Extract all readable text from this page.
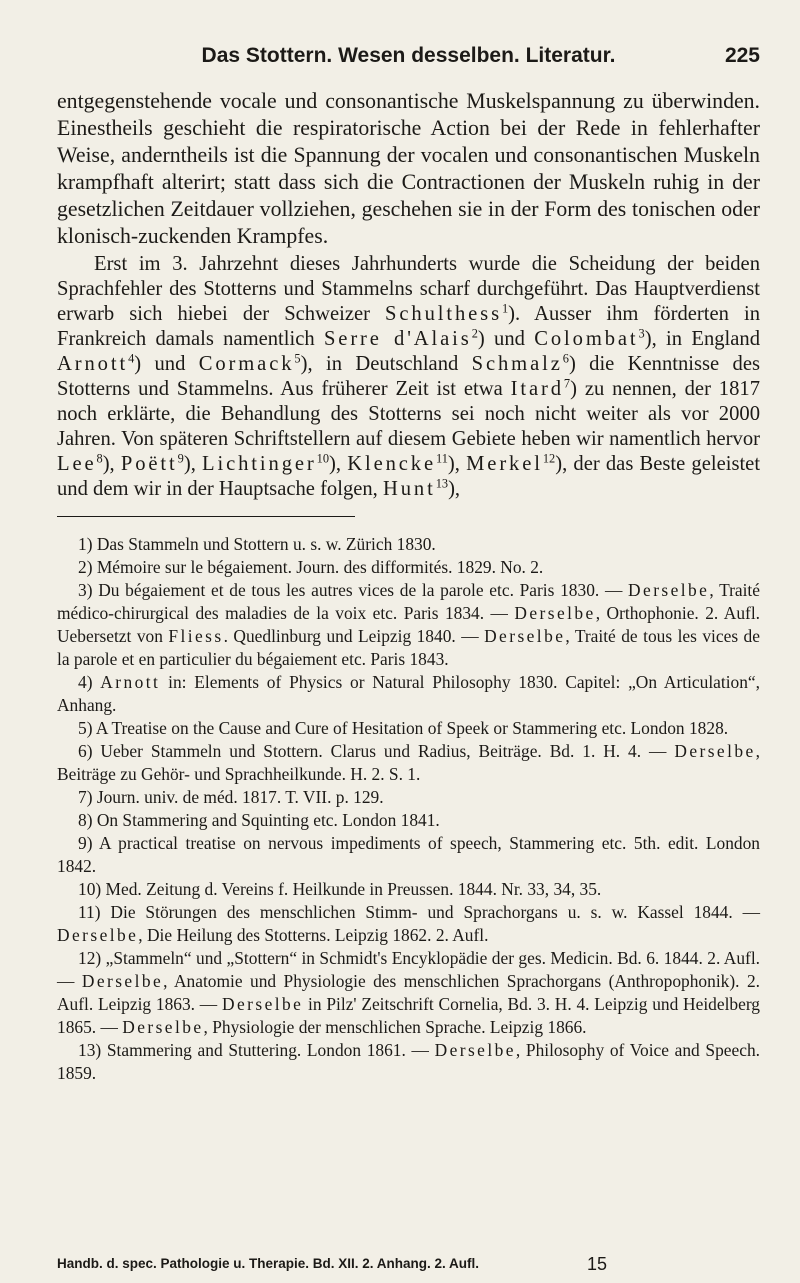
Das Stottern. Wesen desselben. Literatur.	225

entgegenstehende vocale und consonantische Muskelspannung zu überwinden. Einestheils geschieht die respiratorische Action bei der Rede in fehlerhafter Weise, anderntheils ist die Spannung der vocalen und consonantischen Muskeln krampfhaft alterirt; statt dass sich die Contractionen der Muskeln ruhig in der gesetzlichen Zeitdauer vollziehen, geschehen sie in der Form des tonischen oder klonisch-zuckenden Krampfes.

Erst im 3. Jahrzehnt dieses Jahrhunderts wurde die Scheidung der beiden Sprachfehler des Stotterns und Stammelns scharf durchgeführt. Das Hauptverdienst erwarb sich hiebei der Schweizer Schulthess$^1$). Ausser ihm förderten in Frankreich damals namentlich Serre d'Alais$^2$) und Colombat$^3$), in England Arnott$^4$) und Cormack$^5$), in Deutschland Schmalz$^6$) die Kenntnisse des Stotterns und Stammelns. Aus früherer Zeit ist etwa Itard$^7$) zu nennen, der 1817 noch erklärte, die Behandlung des Stotterns sei noch nicht weiter als vor 2000 Jahren. Von späteren Schriftstellern auf diesem Gebiete heben wir namentlich hervor Lee$^8$), Poëtt$^9$), Lichtinger$^{10}$), Klencke$^{11}$), Merkel$^{12}$), der das Beste geleistet und dem wir in der Hauptsache folgen, Hunt$^{13}$),

1) Das Stammeln und Stottern u. s. w. Zürich 1830.

2) Mémoire sur le bégaiement. Journ. des difformités. 1829. No. 2.

3) Du bégaiement et de tous les autres vices de la parole etc. Paris 1830. — Derselbe, Traité médico-chirurgical des maladies de la voix etc. Paris 1834. — Derselbe, Orthophonie. 2. Aufl. Uebersetzt von Fliess. Quedlinburg und Leipzig 1840. — Derselbe, Traité de tous les vices de la parole et en particulier du bégaiement etc. Paris 1843.

4) Arnott in: Elements of Physics or Natural Philosophy 1830. Capitel: „On Articulation“, Anhang.

5) A Treatise on the Cause and Cure of Hesitation of Speek or Stammering etc. London 1828.

6) Ueber Stammeln und Stottern. Clarus und Radius, Beiträge. Bd. 1. H. 4. — Derselbe, Beiträge zu Gehör- und Sprachheilkunde. H. 2. S. 1.

7) Journ. univ. de méd. 1817. T. VII. p. 129.

8) On Stammering and Squinting etc. London 1841.

9) A practical treatise on nervous impediments of speech, Stammering etc. 5th. edit. London 1842.

10) Med. Zeitung d. Vereins f. Heilkunde in Preussen. 1844. Nr. 33, 34, 35.

11) Die Störungen des menschlichen Stimm- und Sprachorgans u. s. w. Kassel 1844. — Derselbe, Die Heilung des Stotterns. Leipzig 1862. 2. Aufl.

12) „Stammeln“ und „Stottern“ in Schmidt's Encyklopädie der ges. Medicin. Bd. 6. 1844. 2. Aufl. — Derselbe, Anatomie und Physiologie des menschlichen Sprachorgans (Anthropophonik). 2. Aufl. Leipzig 1863. — Derselbe in Pilz' Zeitschrift Cornelia, Bd. 3. H. 4. Leipzig und Heidelberg 1865. — Derselbe, Physiologie der menschlichen Sprache. Leipzig 1866.

13) Stammering and Stuttering. London 1861. — Derselbe, Philosophy of Voice and Speech. 1859.

Handb. d. spec. Pathologie u. Therapie. Bd. XII. 2. Anhang. 2. Aufl.	15
